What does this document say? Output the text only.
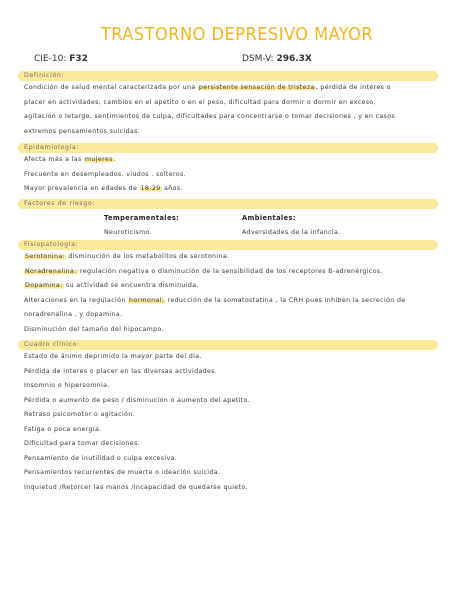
TRASTORNO DEPRESIVO MAYOR
CIE-10: F32	DSM-V: 296.3X
Definición:
Condición de salud mental caracterizada por una persistente sensación de tristeza, pérdida de interes o
placer en actividades, cambios en el apetito o en el peso, dificultad para dormir o dormir en exceso,
agitación o letargo, sentimientos de culpa, dificultades para concentrarse o tomar decisiones , y en casos
extremos pensamientos suicidas.
Epidemiología:
Afecta más a las mujeres.
Frecuente en desempleados, viudos , solteros.
Mayor prevalencia en edades de 18-29 años.
Factores de riesgo:
Temperamentales:
Neuroticismo.
Ambientales:
Adversidades de la infancia.
Fisiopatología:
Serotonina: disminución de los metabolitos de serotonina.
Noradrenalina: regulación negativa o disminución de la sensibilidad de los receptores B-adrenérgicos.
Dopamina: su actividad se encuentra disminuida.
Alteraciones en la regulación hormonal: reducción de la somatostatina , la CRH pues inhiben la secreción de
noradrenalina , y dopamina.
Disminución del tamaño del hipocampo.
Cuadro clínico:
Estado de ánimo deprimido la mayor parte del día.
Pérdida de interes o placer en las diversas actividades.
Insomnio o hipersomnia.
Pérdida o aumento de peso / disminución o aumento del apetito.
Retraso psicomotor o agitación.
Fatiga o poca energía.
Dificultad para tomar decisiones.
Pensamiento de inutilidad o culpa excesiva.
Pensamientos recurrentes de muerte o ideación suicida.
Inquietud /Retorcer las manos /Incapacidad de quedarse quieto.
